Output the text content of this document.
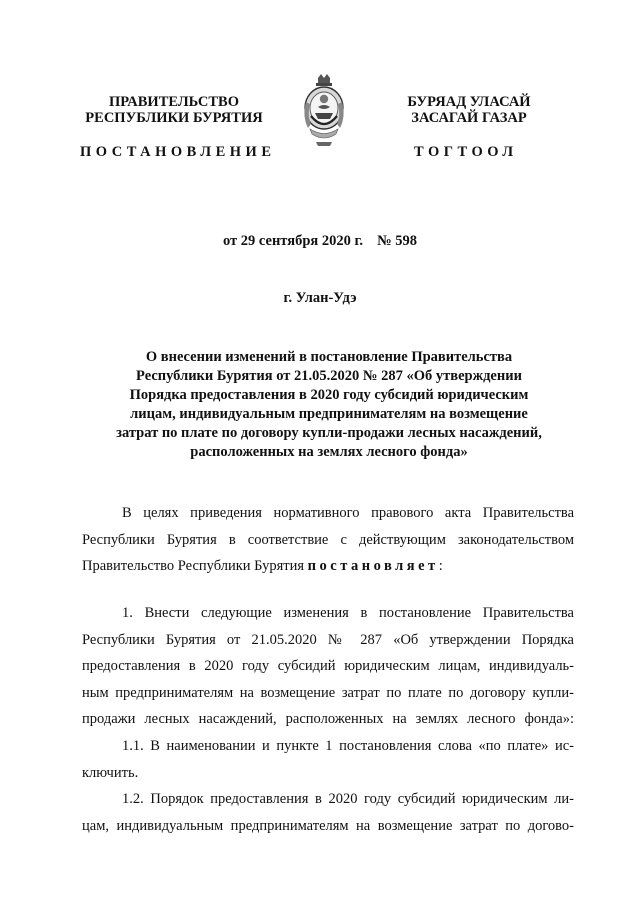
ПРАВИТЕЛЬСТВО
РЕСПУБЛИКИ БУРЯТИЯ
БУРЯАД УЛАСАЙ
ЗАСАГАЙ ГАЗАР
ПОСТАНОВЛЕНИЕ	ТОГТООЛ
от 29 сентября 2020 г. № 598
г. Улан-Удэ
О внесении изменений в постановление Правительства
Республики Бурятия от 21.05.2020 № 287 «Об утверждении
Порядка предоставления в 2020 году субсидий юридическим
лицам, индивидуальным предпринимателям на возмещение
затрат по плате по договору купли-продажи лесных насаждений,
расположенных на землях лесного фонда»
В целях приведения нормативного правового акта Правительства
Республики Бурятия в соответствие с действующим законодательством
Правительство Республики Бурятия постановляет:
1. Внести следующие изменения в постановление Правительства
Республики Бурятия от 21.05.2020 № 287 «Об утверждении Порядка
предоставления в 2020 году субсидий юридическим лицам, индивидуаль-
ным предпринимателям на возмещение затрат по плате по договору купли-
продажи лесных насаждений, расположенных на землях лесного фонда»:
1.1. В наименовании и пункте 1 постановления слова «по плате» ис-
ключить.
1.2. Порядок предоставления в 2020 году субсидий юридическим ли-
цам, индивидуальным предпринимателям на возмещение затрат по догово-
